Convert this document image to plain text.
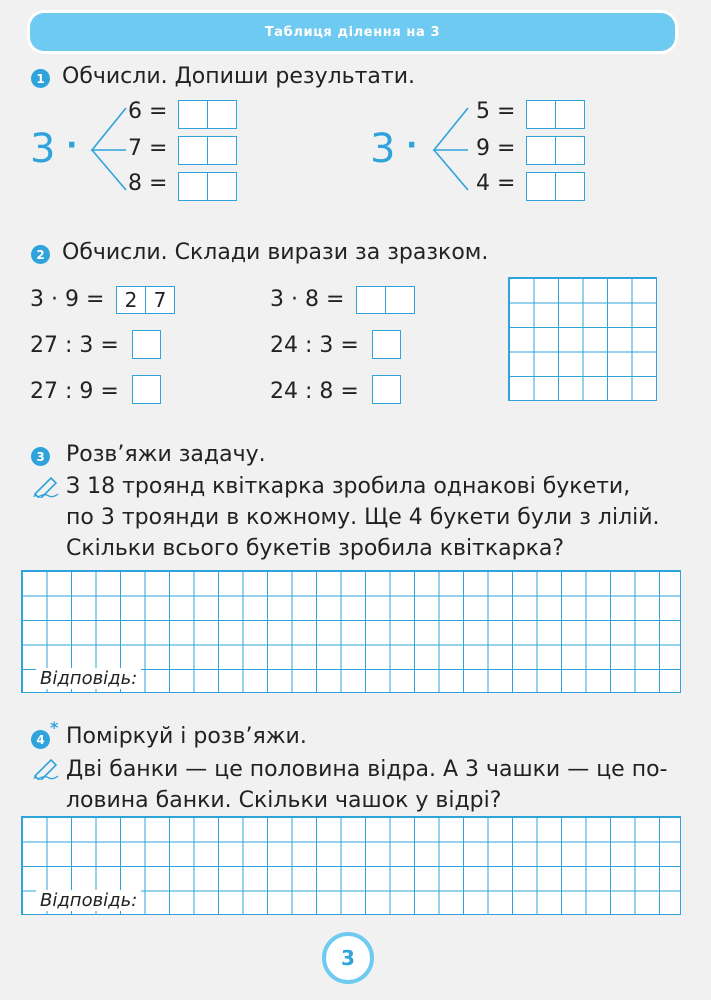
Таблиця ділення на 3
1 Обчисли. Допиши результати.
3 ·
6 =
7 =
8 =
3 ·
5 =
9 =
4 =
2 Обчисли. Склади вирази за зразком.
3 · 9 =	2 7
27 : 3 =
27 : 9 =
3 · 8 =
24 : 3 =
24 : 8 =
3 Розв’яжи задачу.
З 18 троянд квіткарка зробила однакові букети,
по 3 троянди в кожному. Ще 4 букети були з лілій.
Скільки всього букетів зробила квіткарка?
Відповідь:
4
* Поміркуй і розв’яжи.
Дві банки — це половина відра. А 3 чашки — це по-
ловина банки. Скільки чашок у відрі?
Відповідь:
3
